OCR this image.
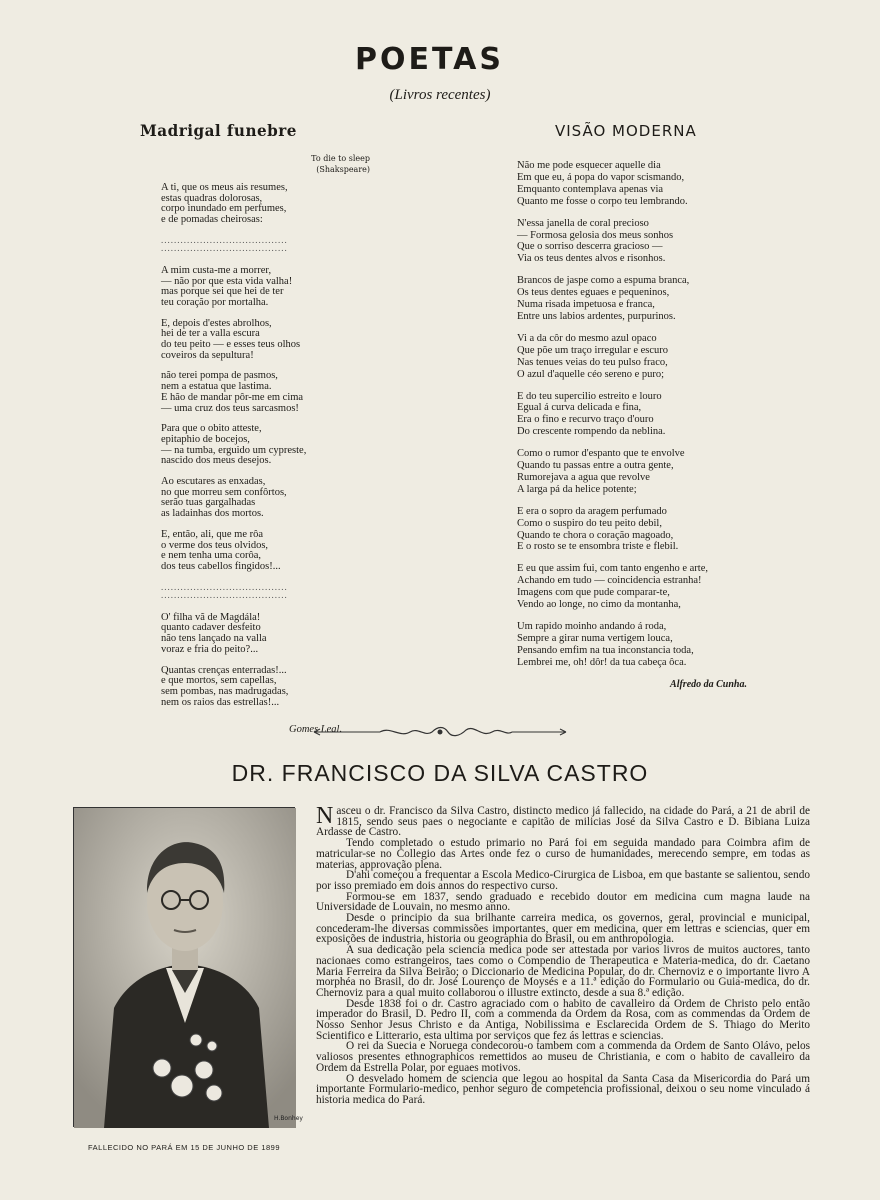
POETAS
(Livros recentes)
Madrigal funebre
To die to sleep
(Shakspeare)
A ti, que os meus ais resumes,
estas quadras dolorosas,
corpo inundado em perfumes,
e de pomadas cheirosas:
.......................................
.......................................
A mim custa-me a morrer,
— não por que esta vida valha!
mas porque sei que hei de ter
teu coração por mortalha.
E, depois d'estes abrolhos,
hei de ter a valla escura
do teu peito — e esses teus olhos
coveiros da sepultura!
não terei pompa de pasmos,
nem a estatua que lastima.
E hão de mandar pôr-me em cima
— uma cruz dos teus sarcasmos!
Para que o obito atteste,
epitaphio de bocejos,
— na tumba, erguido um cypreste,
nascido dos meus desejos.
Ao escutares as enxadas,
no que morreu sem confôrtos,
serão tuas gargalhadas
as ladainhas dos mortos.
E, então, ali, que me rôa
o verme dos teus olvidos,
e nem tenha uma corôa,
dos teus cabellos fingidos!...
.......................................
.......................................
O' filha vã de Magdála!
quanto cadaver desfeito
não tens lançado na valla
voraz e fria do peito?...
Quantas crenças enterradas!...
e que mortos, sem capellas,
sem pombas, nas madrugadas,
nem os raios das estrellas!...
Gomes Leal.
VISÃO MODERNA
Não me pode esquecer aquelle dia
Em que eu, á popa do vapor scismando,
Emquanto contemplava apenas via
Quanto me fosse o corpo teu lembrando.
N'essa janella de coral precioso
— Formosa gelosia dos meus sonhos
Que o sorriso descerra gracioso —
Via os teus dentes alvos e risonhos.
Brancos de jaspe como a espuma branca,
Os teus dentes eguaes e pequeninos,
Numa risada impetuosa e franca,
Entre uns labios ardentes, purpurinos.
Vi a da côr do mesmo azul opaco
Que põe um traço irregular e escuro
Nas tenues veias do teu pulso fraco,
O azul d'aquelle céo sereno e puro;
E do teu supercilio estreito e louro
Egual á curva delicada e fina,
Era o fino e recurvo traço d'ouro
Do crescente rompendo da neblina.
Como o rumor d'espanto que te envolve
Quando tu passas entre a outra gente,
Rumorejava a agua que revolve
A larga pá da helice potente;
E era o sopro da aragem perfumado
Como o suspiro do teu peito debil,
Quando te chora o coração magoado,
E o rosto se te ensombra triste e flebil.
E eu que assim fui, com tanto engenho e arte,
Achando em tudo — coincidencia estranha!
Imagens com que pude comparar-te,
Vendo ao longe, no cimo da montanha,
Um rapido moinho andando á roda,
Sempre a girar numa vertigem louca,
Pensando emfim na tua inconstancia toda,
Lembrei me, oh! dôr! da tua cabeça ôca.
Alfredo da Cunha.
DR. FRANCISCO DA SILVA CASTRO
H.Bonhey
FALLECIDO NO PARÁ EM 15 DE JUNHO DE 1899

Nasceu o dr. Francisco da Silva Castro, distincto medico já fallecido, na cidade do Pará, a 21 de abril de 1815, sendo seus paes o negociante e capitão de milicias José da Silva Castro e D. Bibiana Luiza Ardasse de Castro.

Tendo completado o estudo primario no Pará foi em seguida mandado para Coimbra afim de matricular-se no Collegio das Artes onde fez o curso de humanidades, merecendo sempre, em todas as materias, approvação plena.

D'ahi começou a frequentar a Escola Medico-Cirurgica de Lisboa, em que bastante se salientou, sendo por isso premiado em dois annos do respectivo curso.

Formou-se em 1837, sendo graduado e recebido doutor em medicina cum magna laude na Universidade de Louvain, no mesmo anno.

Desde o principio da sua brilhante carreira medica, os governos, geral, provincial e municipal, concederam-lhe diversas commissões importantes, quer em medicina, quer em lettras e sciencias, quer em exposições de industria, historia ou geographia do Brasil, ou em anthropologia.

A sua dedicação pela sciencia medica pode ser attestada por varios livros de muitos auctores, tanto nacionaes como estrangeiros, taes como o Compendio de Therapeutica e Materia-medica, do dr. Caetano Maria Ferreira da Silva Beirão; o Diccionario de Medicina Popular, do dr. Chernoviz e o importante livro A morphéa no Brasil, do dr. José Lourenço de Moysés e a 11.ª edição do Formulario ou Guia-medica, do dr. Chernoviz para a qual muito collaborou o illustre extincto, desde a sua 8.ª edição.

Desde 1838 foi o dr. Castro agraciado com o habito de cavalleiro da Ordem de Christo pelo então imperador do Brasil, D. Pedro II, com a commenda da Ordem da Rosa, com as commendas da Ordem de Nosso Senhor Jesus Christo e da Antiga, Nobilissima e Esclarecida Ordem de S. Thiago do Merito Scientifico e Litterario, esta ultima por serviços que fez ás lettras e sciencias.

O rei da Suecia e Noruega condecorou-o tambem com a commenda da Ordem de Santo Olávo, pelos valiosos presentes ethnographicos remettidos ao museu de Christiania, e com o habito de cavalleiro da Ordem da Estrella Polar, por eguaes motivos.

O desvelado homem de sciencia que legou ao hospital da Santa Casa da Misericordia do Pará um importante Formulario-medico, penhor seguro de competencia profissional, deixou o seu nome vinculado á historia medica do Pará.
